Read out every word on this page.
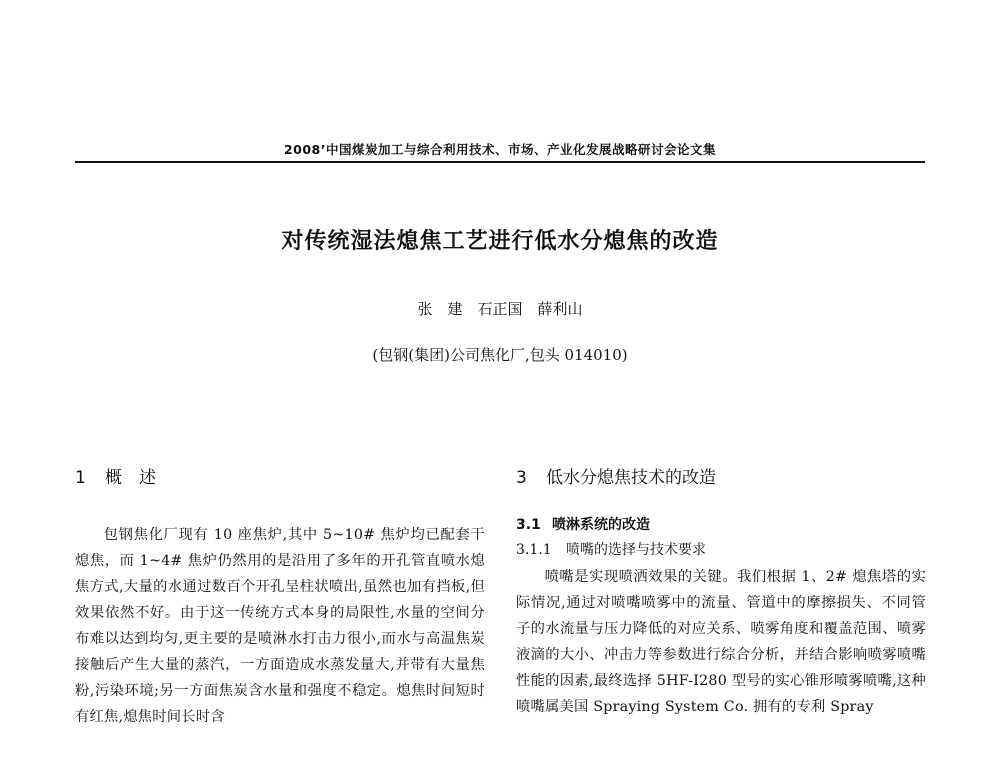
2008’中国煤炭加工与综合利用技术、市场、产业化发展战略研讨会论文集
对传统湿法熄焦工艺进行低水分熄焦的改造
张　建　石正国　薛利山
(包钢(集团)公司焦化厂,包头 014010)
1 概　述

包钢焦化厂现有 10 座焦炉,其中 5~10# 焦炉均已配套干熄焦，而 1~4# 焦炉仍然用的是沿用了多年的开孔管直喷水熄焦方式,大量的水通过数百个开孔呈柱状喷出,虽然也加有挡板,但效果依然不好。由于这一传统方式本身的局限性,水量的空间分布难以达到均匀,更主要的是喷淋水打击力很小,而水与高温焦炭接触后产生大量的蒸汽，一方面造成水蒸发量大,并带有大量焦粉,污染环境;另一方面焦炭含水量和强度不稳定。熄焦时间短时有红焦,熄焦时间长时含

3 低水分熄焦技术的改造
3.1 喷淋系统的改造
3.1.1 喷嘴的选择与技术要求

喷嘴是实现喷洒效果的关键。我们根据 1、2# 熄焦塔的实际情况,通过对喷嘴喷雾中的流量、管道中的摩擦损失、不同管子的水流量与压力降低的对应关系、喷雾角度和覆盖范围、喷雾液滴的大小、冲击力等参数进行综合分析，并结合影响喷雾喷嘴性能的因素,最终选择 5HF-I280 型号的实心锥形喷雾喷嘴,这种喷嘴属美国 Spraying System Co. 拥有的专利 Spray
